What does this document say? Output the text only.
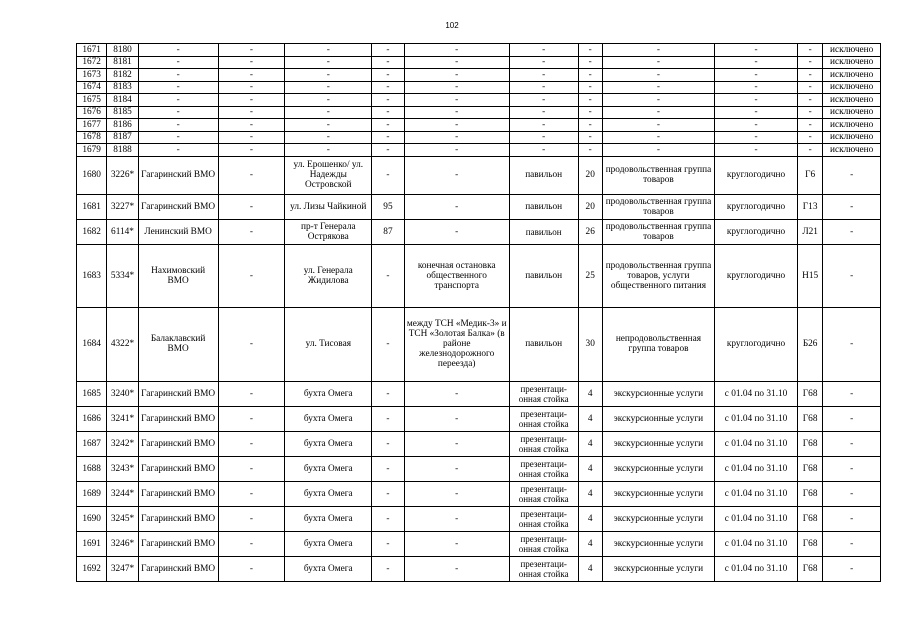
102
1671	8180	-	-	-	-	-	-	-	-	-	-	исключено
1672	8181	-	-	-	-	-	-	-	-	-	-	исключено
1673	8182	-	-	-	-	-	-	-	-	-	-	исключено
1674	8183	-	-	-	-	-	-	-	-	-	-	исключено
1675	8184	-	-	-	-	-	-	-	-	-	-	исключено
1676	8185	-	-	-	-	-	-	-	-	-	-	исключено
1677	8186	-	-	-	-	-	-	-	-	-	-	исключено
1678	8187	-	-	-	-	-	-	-	-	-	-	исключено
1679	8188	-	-	-	-	-	-	-	-	-	-	исключено
1680	3226*	Гагаринский ВМО	-	ул. Ерошенко/ ул. Надежды Островской	-	-	павильон	20	продовольственная группа товаров	круглогодично	Г6	-
1681	3227*	Гагаринский ВМО	-	ул. Лизы Чайкиной	95	-	павильон	20	продовольственная группа товаров	круглогодично	Г13	-
1682	6114*	Ленинский ВМО	-	пр-т Генерала Острякова	87	-	павильон	26	продовольственная группа товаров	круглогодично	Л21	-
1683	5334*	Нахимовский ВМО	-	ул. Генерала Жидилова	-	конечная остановка общественного транспорта	павильон	25	продовольственная группа товаров, услуги общественного питания	круглогодично	Н15	-
1684	4322*	Балаклавский ВМО	-	ул. Тисовая	-	между ТСН «Медик-3» и ТСН «Золотая Балка» (в районе железнодорожного переезда)	павильон	30	непродовольственная группа товаров	круглогодично	Б26	-
1685	3240*	Гагаринский ВМО	-	бухта Омега	-	-	презентаци-онная стойка	4	экскурсионные услуги	с 01.04 по 31.10	Г68	-
1686	3241*	Гагаринский ВМО	-	бухта Омега	-	-	презентаци-онная стойка	4	экскурсионные услуги	с 01.04 по 31.10	Г68	-
1687	3242*	Гагаринский ВМО	-	бухта Омега	-	-	презентаци-онная стойка	4	экскурсионные услуги	с 01.04 по 31.10	Г68	-
1688	3243*	Гагаринский ВМО	-	бухта Омега	-	-	презентаци-онная стойка	4	экскурсионные услуги	с 01.04 по 31.10	Г68	-
1689	3244*	Гагаринский ВМО	-	бухта Омега	-	-	презентаци-онная стойка	4	экскурсионные услуги	с 01.04 по 31.10	Г68	-
1690	3245*	Гагаринский ВМО	-	бухта Омега	-	-	презентаци-онная стойка	4	экскурсионные услуги	с 01.04 по 31.10	Г68	-
1691	3246*	Гагаринский ВМО	-	бухта Омега	-	-	презентаци-онная стойка	4	экскурсионные услуги	с 01.04 по 31.10	Г68	-
1692	3247*	Гагаринский ВМО	-	бухта Омега	-	-	презентаци-онная стойка	4	экскурсионные услуги	с 01.04 по 31.10	Г68	-
